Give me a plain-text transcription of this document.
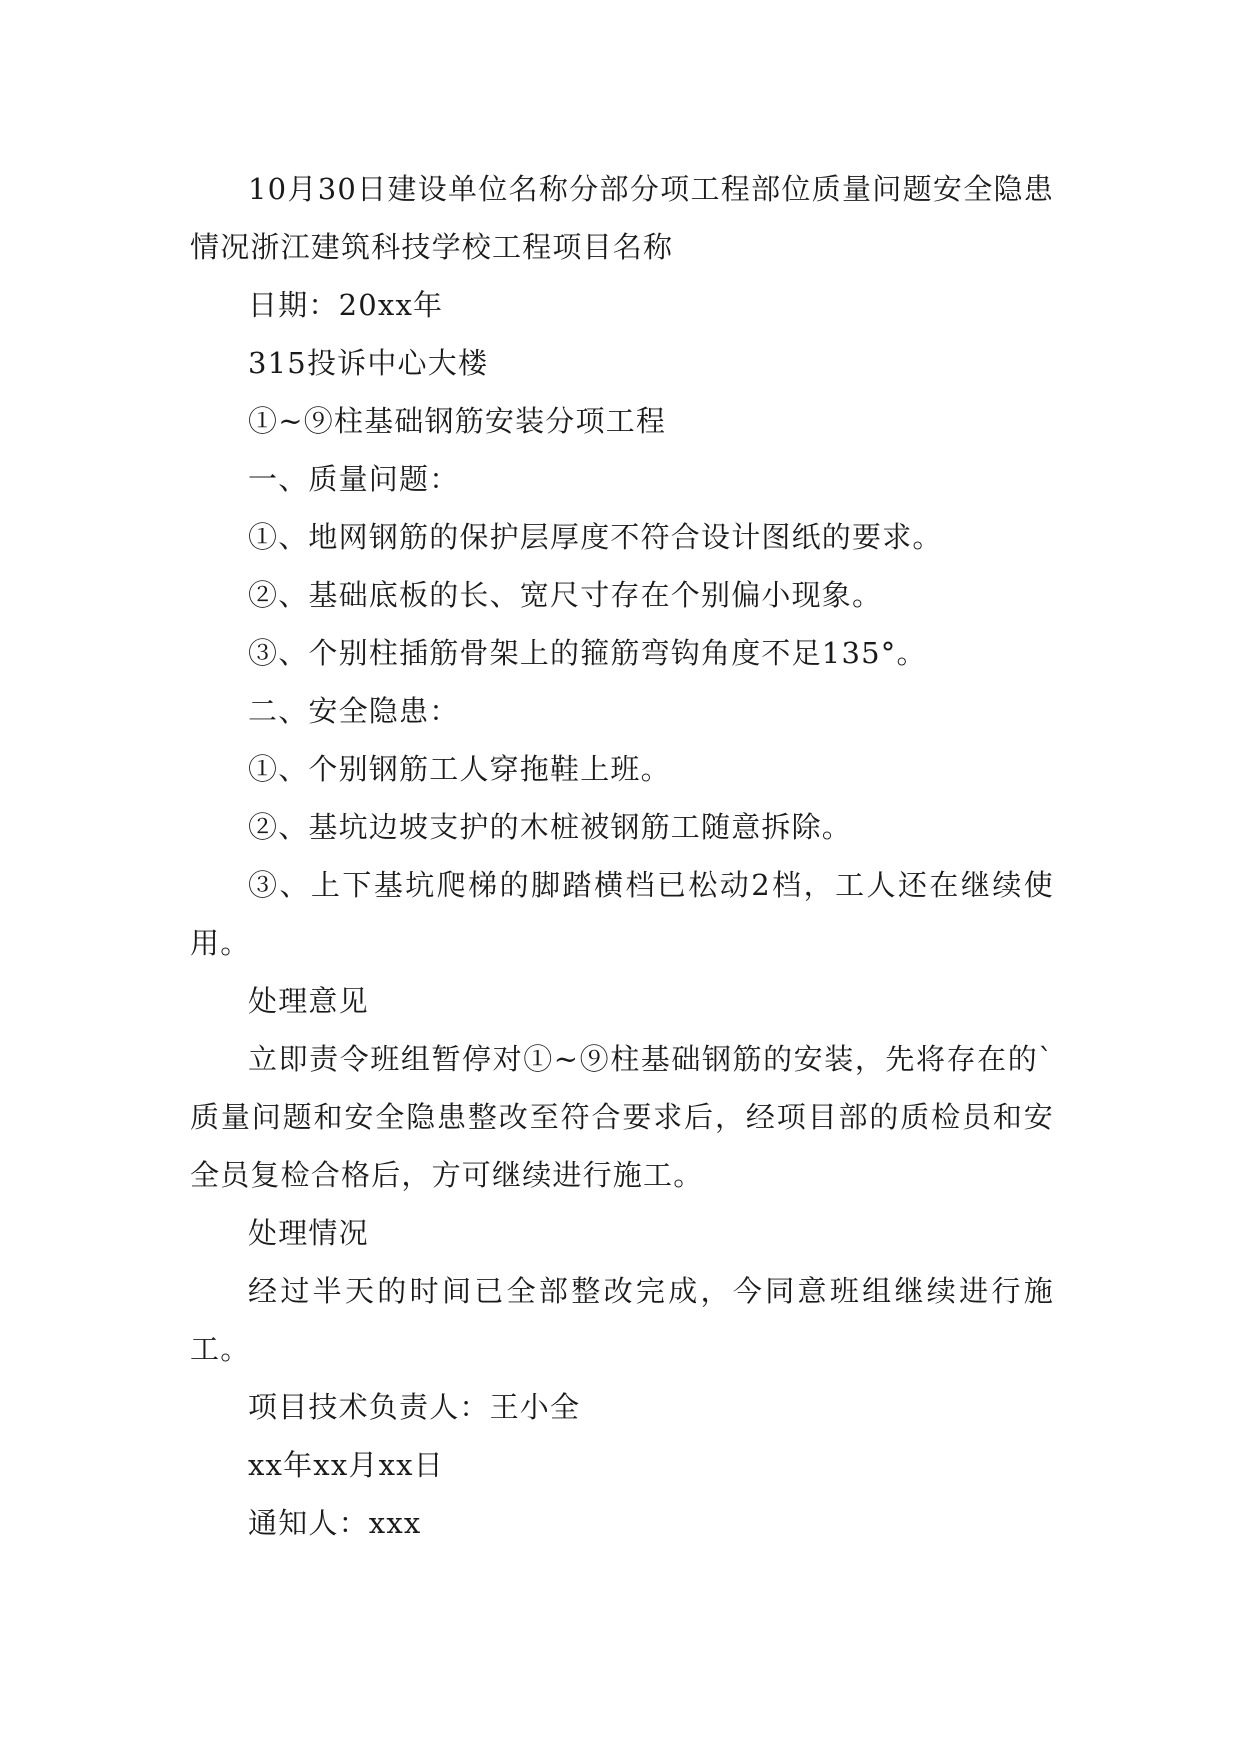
10月30日建设单位名称分部分项工程部位质量问题安全隐患情况浙江建筑科技学校工程项目名称

日期：20xx年

315投诉中心大楼

①~⑨柱基础钢筋安装分项工程

一、质量问题：

①、地网钢筋的保护层厚度不符合设计图纸的要求。

②、基础底板的长、宽尺寸存在个别偏小现象。

③、个别柱插筋骨架上的箍筋弯钩角度不足135°。

二、安全隐患：

①、个别钢筋工人穿拖鞋上班。

②、基坑边坡支护的木桩被钢筋工随意拆除。

③、上下基坑爬梯的脚踏横档已松动2档，工人还在继续使用。

处理意见

立即责令班组暂停对①~⑨柱基础钢筋的安装，先将存在的`质量问题和安全隐患整改至符合要求后，经项目部的质检员和安全员复检合格后，方可继续进行施工。

处理情况

经过半天的时间已全部整改完成，今同意班组继续进行施工。

项目技术负责人：王小全

xx年xx月xx日

通知人：xxx
